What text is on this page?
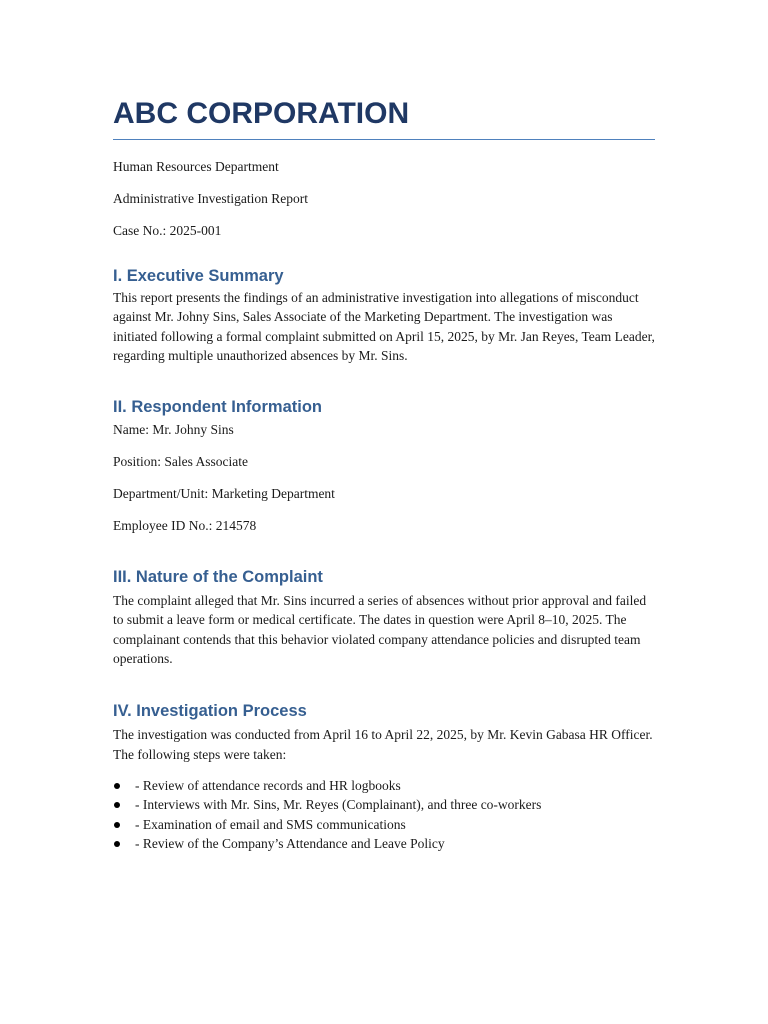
ABC CORPORATION

Human Resources Department

Administrative Investigation Report

Case No.: 2025-001

I. Executive Summary

This report presents the findings of an administrative investigation into allegations of misconduct against Mr. Johny Sins, Sales Associate of the Marketing Department. The investigation was initiated following a formal complaint submitted on April 15, 2025, by Mr. Jan Reyes, Team Leader, regarding multiple unauthorized absences by Mr. Sins.

II. Respondent Information

Name: Mr. Johny Sins

Position: Sales Associate

Department/Unit: Marketing Department

Employee ID No.: 214578

III. Nature of the Complaint

The complaint alleged that Mr. Sins incurred a series of absences without prior approval and failed to submit a leave form or medical certificate. The dates in question were April 8–10, 2025. The complainant contends that this behavior violated company attendance policies and disrupted team operations.

IV. Investigation Process

The investigation was conducted from April 16 to April 22, 2025, by Mr. Kevin Gabasa HR Officer. The following steps were taken:

- Review of attendance records and HR logbooks
- Interviews with Mr. Sins, Mr. Reyes (Complainant), and three co-workers
- Examination of email and SMS communications
- Review of the Company’s Attendance and Leave Policy
